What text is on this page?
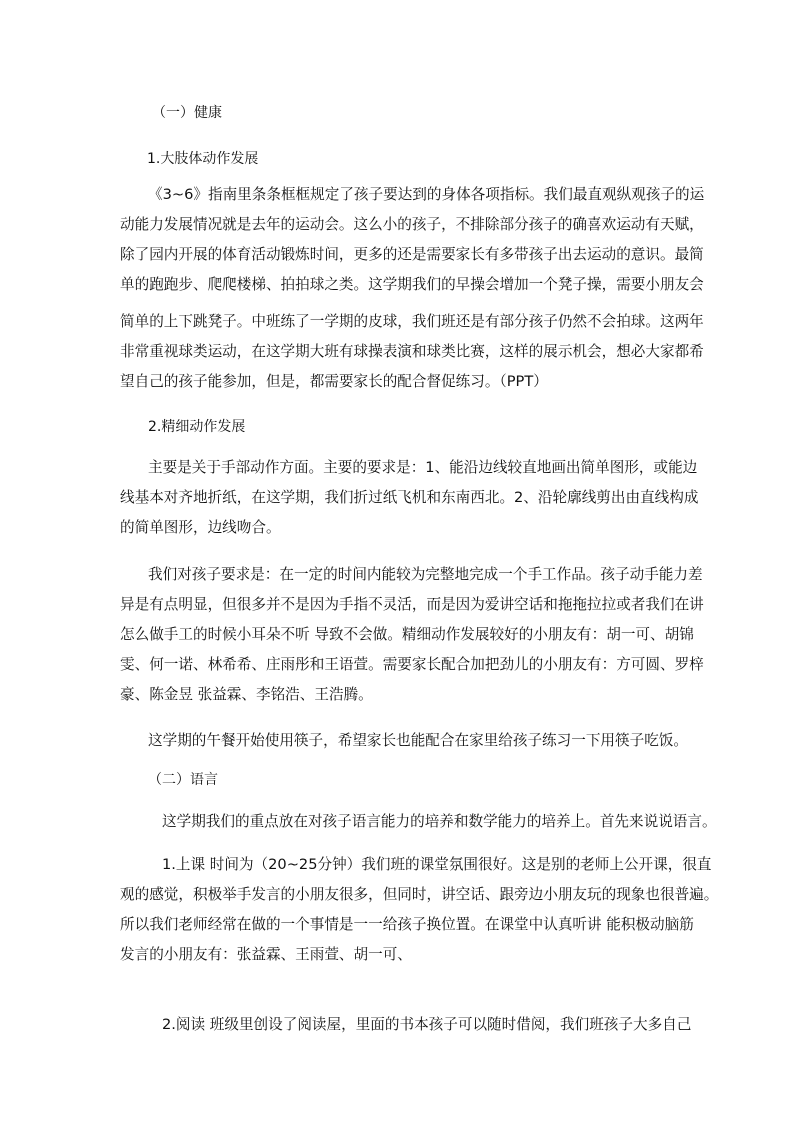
（一）健康
1.大肢体动作发展
《3~6》指南里条条框框规定了孩子要达到的身体各项指标。我们最直观纵观孩子的运
动能力发展情况就是去年的运动会。这么小的孩子，不排除部分孩子的确喜欢运动有天赋，
除了园内开展的体育活动锻炼时间，更多的还是需要家长有多带孩子出去运动的意识。最简
单的跑跑步、爬爬楼梯、拍拍球之类。这学期我们的早操会增加一个凳子操，需要小朋友会
简单的上下跳凳子。中班练了一学期的皮球，我们班还是有部分孩子仍然不会拍球。这两年
非常重视球类运动，在这学期大班有球操表演和球类比赛，这样的展示机会，想必大家都希
望自己的孩子能参加，但是，都需要家长的配合督促练习。（PPT）
2.精细动作发展
主要是关于手部动作方面。主要的要求是：1、能沿边线较直地画出简单图形，或能边
线基本对齐地折纸，在这学期，我们折过纸飞机和东南西北。2、沿轮廓线剪出由直线构成
的简单图形，边线吻合。
我们对孩子要求是：在一定的时间内能较为完整地完成一个手工作品。孩子动手能力差
异是有点明显，但很多并不是因为手指不灵活，而是因为爱讲空话和拖拖拉拉或者我们在讲
怎么做手工的时候小耳朵不听 导致不会做。精细动作发展较好的小朋友有：胡一可、胡锦
雯、何一诺、林希希、庄雨彤和王语萱。需要家长配合加把劲儿的小朋友有：方可圆、罗梓
豪、陈金昱 张益霖、李铭浩、王浩腾。
这学期的午餐开始使用筷子，希望家长也能配合在家里给孩子练习一下用筷子吃饭。
（二）语言
这学期我们的重点放在对孩子语言能力的培养和数学能力的培养上。首先来说说语言。
1.上课 时间为（20~25分钟）我们班的课堂氛围很好。这是别的老师上公开课，很直
观的感觉，积极举手发言的小朋友很多，但同时，讲空话、跟旁边小朋友玩的现象也很普遍。
所以我们老师经常在做的一个事情是一一给孩子换位置。在课堂中认真听讲 能积极动脑筋
发言的小朋友有：张益霖、王雨萱、胡一可、
2.阅读 班级里创设了阅读屋，里面的书本孩子可以随时借阅，我们班孩子大多自己
